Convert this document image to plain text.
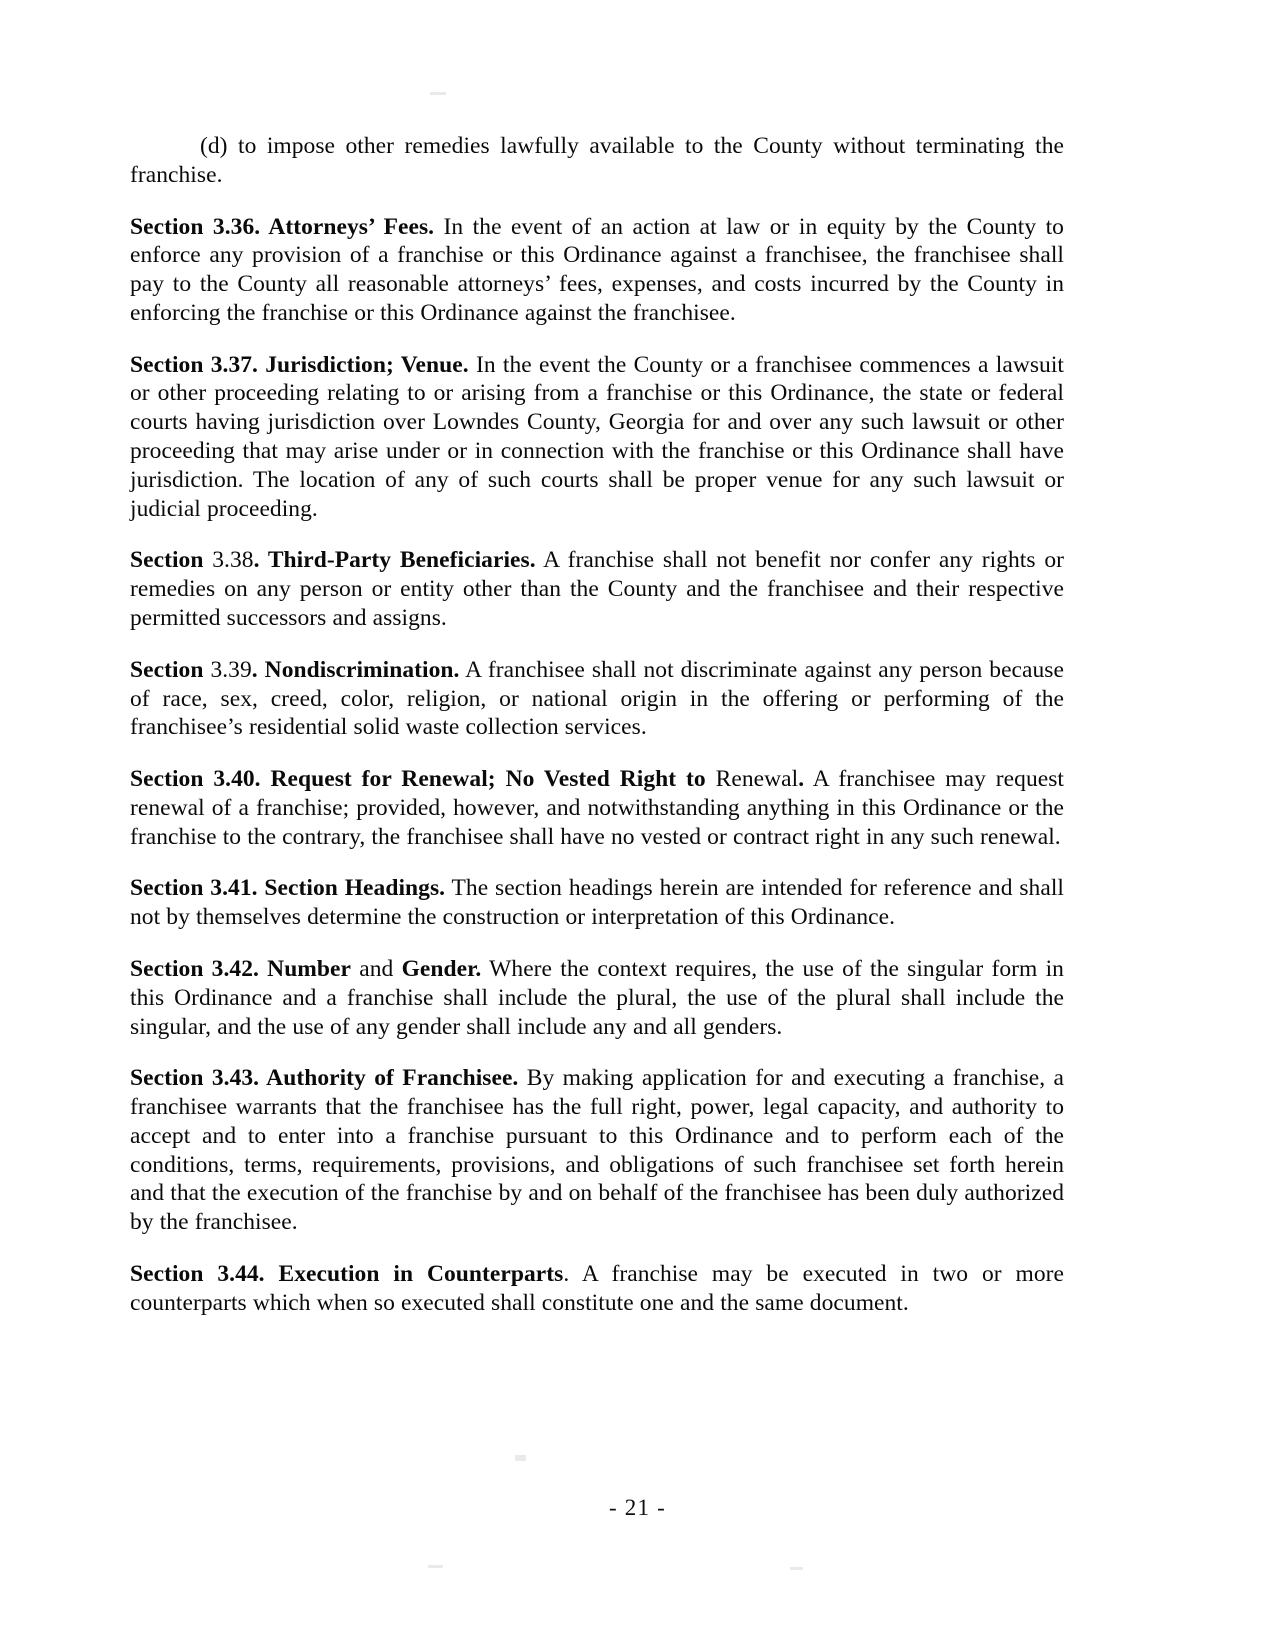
(d) to impose other remedies lawfully available to the County without terminating the franchise.

Section 3.36. Attorneys’ Fees. In the event of an action at law or in equity by the County to enforce any provision of a franchise or this Ordinance against a franchisee, the franchisee shall pay to the County all reasonable attorneys’ fees, expenses, and costs incurred by the County in enforcing the franchise or this Ordinance against the franchisee.

Section 3.37. Jurisdiction; Venue. In the event the County or a franchisee commences a lawsuit or other proceeding relating to or arising from a franchise or this Ordinance, the state or federal courts having jurisdiction over Lowndes County, Georgia for and over any such lawsuit or other proceeding that may arise under or in connection with the franchise or this Ordinance shall have jurisdiction. The location of any of such courts shall be proper venue for any such lawsuit or judicial proceeding.

Section 3.38. Third-Party Beneficiaries. A franchise shall not benefit nor confer any rights or remedies on any person or entity other than the County and the franchisee and their respective permitted successors and assigns.

Section 3.39. Nondiscrimination. A franchisee shall not discriminate against any person because of race, sex, creed, color, religion, or national origin in the offering or performing of the franchisee’s residential solid waste collection services.

Section 3.40. Request for Renewal; No Vested Right to Renewal. A franchisee may request renewal of a franchise; provided, however, and notwithstanding anything in this Ordinance or the franchise to the contrary, the franchisee shall have no vested or contract right in any such renewal.

Section 3.41. Section Headings. The section headings herein are intended for reference and shall not by themselves determine the construction or interpretation of this Ordinance.

Section 3.42. Number and Gender. Where the context requires, the use of the singular form in this Ordinance and a franchise shall include the plural, the use of the plural shall include the singular, and the use of any gender shall include any and all genders.

Section 3.43. Authority of Franchisee. By making application for and executing a franchise, a franchisee warrants that the franchisee has the full right, power, legal capacity, and authority to accept and to enter into a franchise pursuant to this Ordinance and to perform each of the conditions, terms, requirements, provisions, and obligations of such franchisee set forth herein and that the execution of the franchise by and on behalf of the franchisee has been duly authorized by the franchisee.

Section 3.44. Execution in Counterparts. A franchise may be executed in two or more counterparts which when so executed shall constitute one and the same document.

- 21 -
